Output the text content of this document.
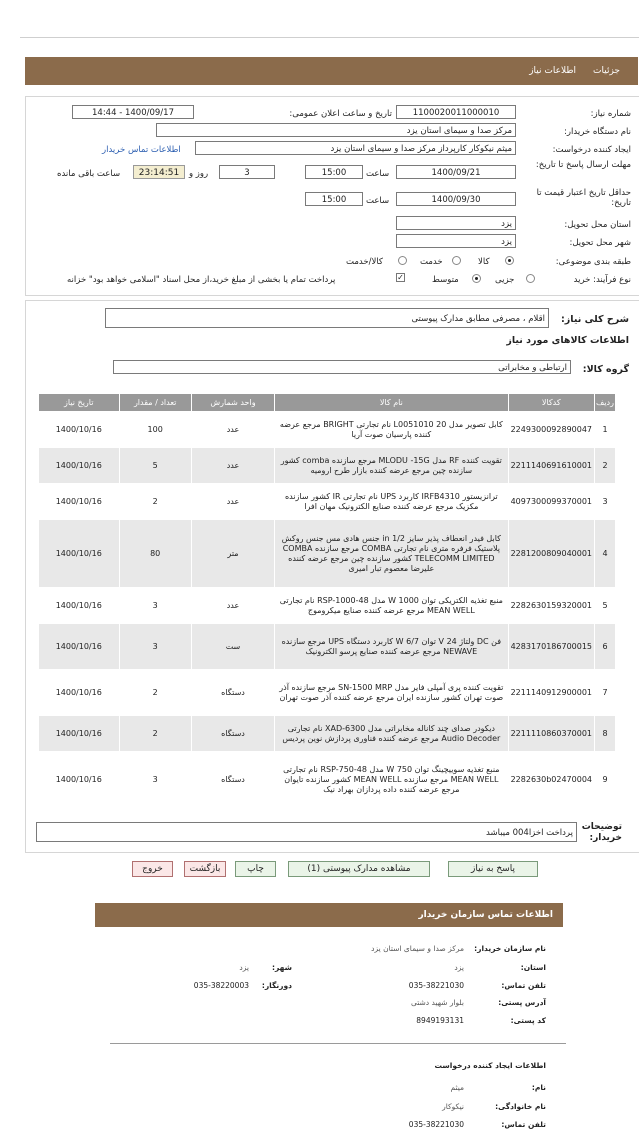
جزئیات
اطلاعات نیاز
شماره نیاز:
1100020011000010
تاریخ و ساعت اعلان عمومی:
1400/09/17 - 14:44
نام دستگاه خریدار:
مرکز صدا و سیمای استان یزد
ایجاد کننده درخواست:
میثم نیکوکار کارپرداز مرکز صدا و سیمای استان یزد
اطلاعات تماس خریدار
مهلت ارسال پاسخ تا تاریخ:
1400/09/21
ساعت
15:00
3
روز و
23:14:51
ساعت باقی مانده
حداقل تاریخ اعتبار قیمت تا تاریخ:
1400/09/30
ساعت
15:00
استان محل تحویل:
یزد
شهر محل تحویل:
یزد
طبقه بندی موضوعی:
کالا
خدمت
کالا/خدمت
نوع فرآیند: خرید
جزیی
متوسط
✓
پرداخت تمام یا بخشی از مبلغ خرید،از محل اسناد "اسلامی خواهد بود" خزانه
شرح کلی نیاز:
اقلام ، مصرفی مطابق مدارک پیوستی
اطلاعات کالاهای مورد نیاز
گروه کالا:
ارتباطی و مخابراتی
ردیف	کدکالا	نام کالا	واحد شمارش	تعداد / مقدار	تاریخ نیاز
1	2249300092890047	کابل تصویر مدل L0051010 20 نام تجارتی BRIGHT مرجع عرضه کننده پارسیان صوت آریا	عدد	100	1400/10/16
2	2211140691610001	تقویت کننده RF مدل MLODU -15G مرجع سازنده comba کشور سازنده چین مرجع عرضه کننده بازار طرح ارومیه	عدد	5	1400/10/16
3	4097300099370001	ترانزیستور IRFB4310 کاربرد UPS نام تجارتی IR کشور سازنده مکزیک مرجع عرضه کننده صنایع الکترونیک مهان افرا	عدد	2	1400/10/16
4	2281200809040001	کابل فیدر انعطاف پذیر سایز 1/2 in جنس هادی مس جنس روکش پلاستیک فرفره متری نام تجارتی COMBA مرجع سازنده COMBA TELECOMM LIMITED کشور سازنده چین مرجع عرضه کننده علیرضا معصوم تبار امیری	متر	80	1400/10/16
5	2282630159320001	منبع تغذیه الکتریکی توان 1000 W مدل RSP-1000-48 نام تجارتی MEAN WELL مرجع عرضه کننده صنایع میکروموج	عدد	3	1400/10/16
6	4283170186700015	فن DC ولتاژ 24 V توان 6/7 W کاربرد دستگاه UPS مرجع سازنده NEWAVE مرجع عرضه کننده صنایع پرسو الکترونیک	ست	3	1400/10/16
7	2211140912900001	تقویت کننده پری آمپلی فایر مدل SN-1500 MRP مرجع سازنده آذر صوت تهران کشور سازنده ایران مرجع عرضه کننده آذر صوت تهران	دستگاه	2	1400/10/16
8	2211110860370001	دیکودر صدای چند کاناله مخابراتی مدل XAD-6300 نام تجارتی Audio Decoder مرجع عرضه کننده فناوری پردازش نوین پردیس	دستگاه	2	1400/10/16
9	2282630b02470004	منبع تغذیه سوییچینگ توان 750 W مدل RSP-750-48 نام تجارتی MEAN WELL مرجع سازنده MEAN WELL کشور سازنده تایوان مرجع عرضه کننده داده پردازان بهراد نیک	دستگاه	3	1400/10/16
توضیحات خریدار:
پرداخت اخزا004 میباشد
پاسخ به نیاز
مشاهده مدارک پیوستی (1)
چاپ
بازگشت
خروج
اطلاعات تماس سازمان خریدار
نام سازمان خریدار:
مرکز صدا و سیمای استان یزد
استان:
یزد
شهر:
یزد
تلفن تماس:
035-38221030
دورنگار:
035-38220003
آدرس پستی:
بلوار شهید دشتی
کد پستی:
8949193131
اطلاعات ایجاد کننده درخواست
نام:
میثم
نام خانوادگی:
نیکوکار
تلفن تماس:
035-38221030
